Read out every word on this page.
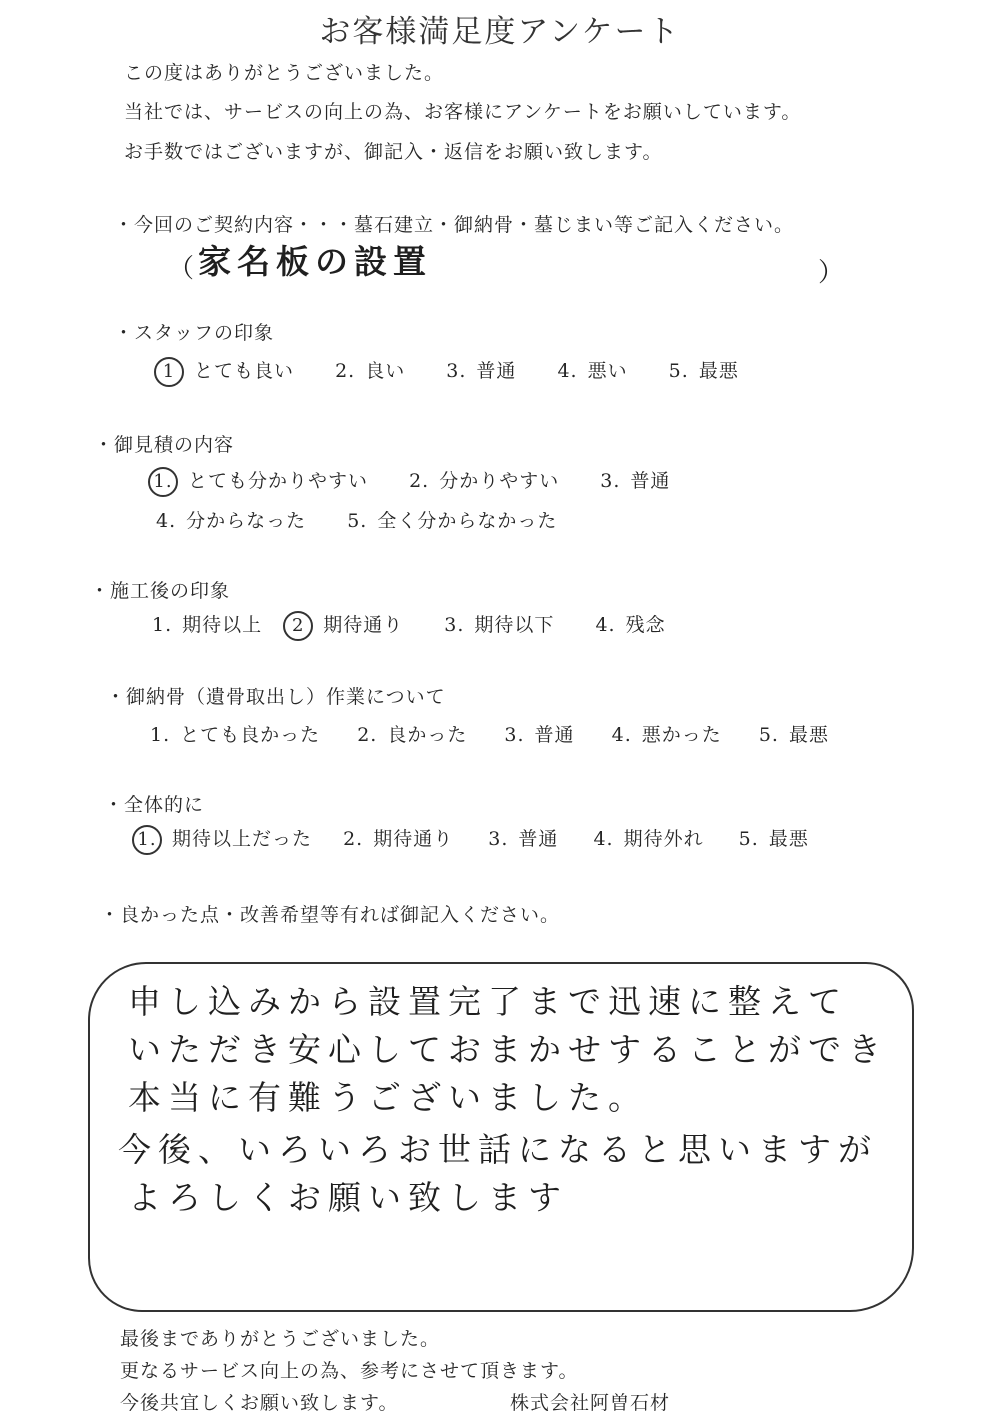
お客様満足度アンケート
この度はありがとうございました。
当社では、サービスの向上の為、お客様にアンケートをお願いしています。
お手数ではございますが、御記入・返信をお願い致します。
・今回のご契約内容・・・墓石建立・御納骨・墓じまい等ご記入ください。
（ 家名板の設置	）
・スタッフの印象
1 とても良い 2. 良い 3. 普通 4. 悪い 5. 最悪
・御見積の内容
1. とても分かりやすい 2. 分かりやすい 3. 普通
4. 分からなった 5. 全く分からなかった
・施工後の印象
1. 期待以上 2 期待通り 3. 期待以下 4. 残念
・御納骨（遺骨取出し）作業について
1. とても良かった 2. 良かった 3. 普通 4. 悪かった 5. 最悪
・全体的に
1. 期待以上だった 2. 期待通り 3. 普通 4. 期待外れ 5. 最悪
・良かった点・改善希望等有れば御記入ください。
申し込みから設置完了まで迅速に整えて
いただき安心しておまかせすることができ
本当に有難うございました。
今後、いろいろお世話になると思いますが
よろしくお願い致します
最後までありがとうございました。
更なるサービス向上の為、参考にさせて頂きます。
今後共宜しくお願い致します。	株式会社阿曽石材
